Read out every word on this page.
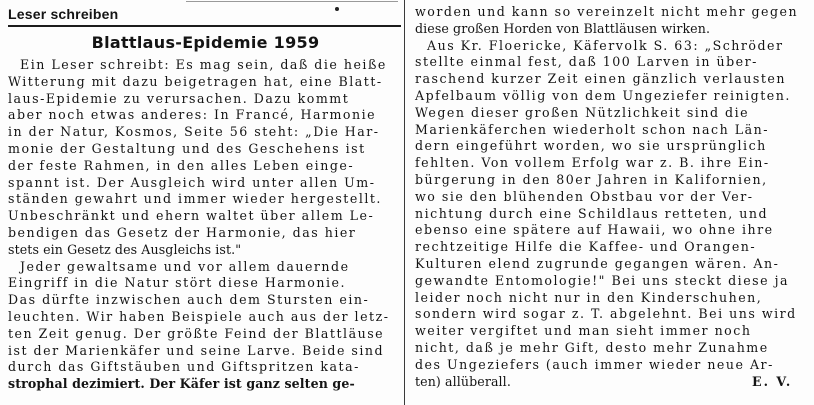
Leser schreiben
Blattlaus-Epidemie 1959
Ein Leser schreibt: Es mag sein, daß die heiße
Witterung mit dazu beigetragen hat, eine Blatt-
laus-Epidemie zu verursachen. Dazu kommt
aber noch etwas anderes: In Francé, Harmonie
in der Natur, Kosmos, Seite 56 steht: „Die Har-
monie der Gestaltung und des Geschehens ist
der feste Rahmen, in den alles Leben einge-
spannt ist. Der Ausgleich wird unter allen Um-
ständen gewahrt und immer wieder hergestellt.
Unbeschränkt und ehern waltet über allem Le-
bendigen das Gesetz der Harmonie, das hier
stets ein Gesetz des Ausgleichs ist."
Jeder gewaltsame und vor allem dauernde
Eingriff in die Natur stört diese Harmonie.
Das dürfte inzwischen auch dem Stursten ein-
leuchten. Wir haben Beispiele auch aus der letz-
ten Zeit genug. Der größte Feind der Blattläuse
ist der Marienkäfer und seine Larve. Beide sind
durch das Giftstäuben und Giftspritzen kata-
strophal dezimiert. Der Käfer ist ganz selten ge-
worden und kann so vereinzelt nicht mehr gegen
diese großen Horden von Blattläusen wirken.
Aus Kr. Floericke, Käfervolk S. 63: „Schröder
stellte einmal fest, daß 100 Larven in über-
raschend kurzer Zeit einen gänzlich verlausten
Apfelbaum völlig von dem Ungeziefer reinigten.
Wegen dieser großen Nützlichkeit sind die
Marienkäferchen wiederholt schon nach Län-
dern eingeführt worden, wo sie ursprünglich
fehlten. Von vollem Erfolg war z. B. ihre Ein-
bürgerung in den 80er Jahren in Kalifornien,
wo sie den blühenden Obstbau vor der Ver-
nichtung durch eine Schildlaus retteten, und
ebenso eine spätere auf Hawaii, wo ohne ihre
rechtzeitige Hilfe die Kaffee- und Orangen-
Kulturen elend zugrunde gegangen wären. An-
gewandte Entomologie!" Bei uns steckt diese ja
leider noch nicht nur in den Kinderschuhen,
sondern wird sogar z. T. abgelehnt. Bei uns wird
weiter vergiftet und man sieht immer noch
nicht, daß je mehr Gift, desto mehr Zunahme
des Ungeziefers (auch immer wieder neue Ar-
ten) allüberall.	E. V.
